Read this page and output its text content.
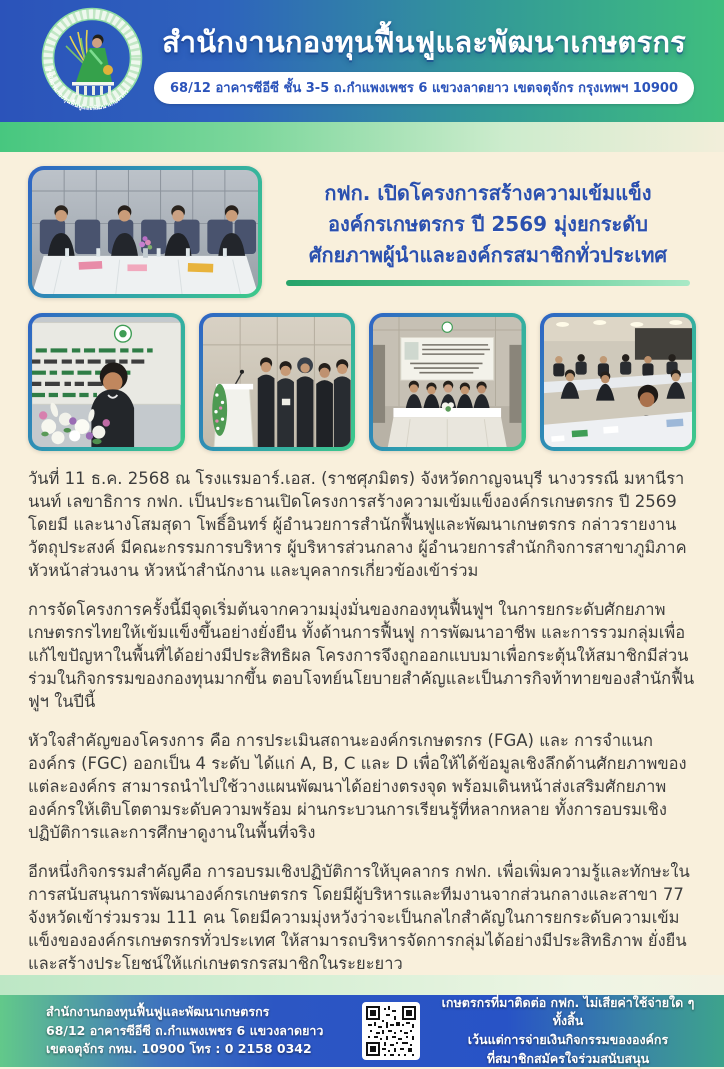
สำนักงานกองทุนฟื้นฟูและพัฒนาเกษตรกร
สำนักงานกองทุนฟื้นฟูและพัฒนาเกษตรกร
68/12 อาคารซีอีซี ชั้น 3-5 ถ.กำแพงเพชร 6 แขวงลาดยาว เขตจตุจักร กรุงเทพฯ 10900
กฟก. เปิดโครงการสร้างความเข้มแข็ง
องค์กรเกษตรกร ปี 2569 มุ่งยกระดับ
ศักยภาพผู้นำและองค์กรสมาชิกทั่วประเทศ

วันที่ 11 ธ.ค. 2568 ณ โรงแรมอาร์.เอส. (ราชศุภมิตร) จังหวัดกาญจนบุรี นางวรรณี มหานีรานนท์ เลขาธิการ กฟก. เป็นประธานเปิดโครงการสร้างความเข้มแข็งองค์กรเกษตรกร ปี 2569 โดยมี และนางโสมสุดา โพธิ์อินทร์ ผู้อำนวยการสำนักฟื้นฟูและพัฒนาเกษตรกร กล่าวรายงานวัตถุประสงค์ มีคณะกรรมการบริหาร ผู้บริหารส่วนกลาง ผู้อำนวยการสำนักกิจการสาขาภูมิภาค หัวหน้าส่วนงาน หัวหน้าสำนักงาน และบุคลากรเกี่ยวข้องเข้าร่วม

การจัดโครงการครั้งนี้มีจุดเริ่มต้นจากความมุ่งมั่นของกองทุนฟื้นฟูฯ ในการยกระดับศักยภาพเกษตรกรไทยให้เข้มแข็งขึ้นอย่างยั่งยืน ทั้งด้านการฟื้นฟู การพัฒนาอาชีพ และการรวมกลุ่มเพื่อแก้ไขปัญหาในพื้นที่ได้อย่างมีประสิทธิผล โครงการจึงถูกออกแบบมาเพื่อกระตุ้นให้สมาชิกมีส่วนร่วมในกิจกรรมของกองทุนมากขึ้น ตอบโจทย์นโยบายสำคัญและเป็นภารกิจท้าทายของสำนักฟื้นฟูฯ ในปีนี้

หัวใจสำคัญของโครงการ คือ การประเมินสถานะองค์กรเกษตรกร (FGA) และ การจำแนกองค์กร (FGC) ออกเป็น 4 ระดับ ได้แก่ A, B, C และ D เพื่อให้ได้ข้อมูลเชิงลึกด้านศักยภาพของแต่ละองค์กร สามารถนำไปใช้วางแผนพัฒนาได้อย่างตรงจุด พร้อมเดินหน้าส่งเสริมศักยภาพองค์กรให้เติบโตตามระดับความพร้อม ผ่านกระบวนการเรียนรู้ที่หลากหลาย ทั้งการอบรมเชิงปฏิบัติการและการศึกษาดูงานในพื้นที่จริง

อีกหนึ่งกิจกรรมสำคัญคือ การอบรมเชิงปฏิบัติการให้บุคลากร กฟก. เพื่อเพิ่มความรู้และทักษะในการสนับสนุนการพัฒนาองค์กรเกษตรกร โดยมีผู้บริหารและทีมงานจากส่วนกลางและสาขา 77 จังหวัดเข้าร่วมรวม 111 คน โดยมีความมุ่งหวังว่าจะเป็นกลไกสำคัญในการยกระดับความเข้มแข็งขององค์กรเกษตรกรทั่วประเทศ ให้สามารถบริหารจัดการกลุ่มได้อย่างมีประสิทธิภาพ ยั่งยืน และสร้างประโยชน์ให้แก่เกษตรกรสมาชิกในระยะยาว

สำนักงานกองทุนฟื้นฟูและพัฒนาเกษตรกร
68/12 อาคารซีอีซี ถ.กำแพงเพชร 6 แขวงลาดยาว
เขตจตุจักร กทม. 10900 โทร : 0 2158 0342
เกษตรกรที่มาติดต่อ กฟก. ไม่เสียค่าใช้จ่ายใด ๆ ทั้งสิ้น
เว้นแต่การจ่ายเงินกิจกรรมขององค์กร
ที่สมาชิกสมัครใจร่วมสนับสนุน
